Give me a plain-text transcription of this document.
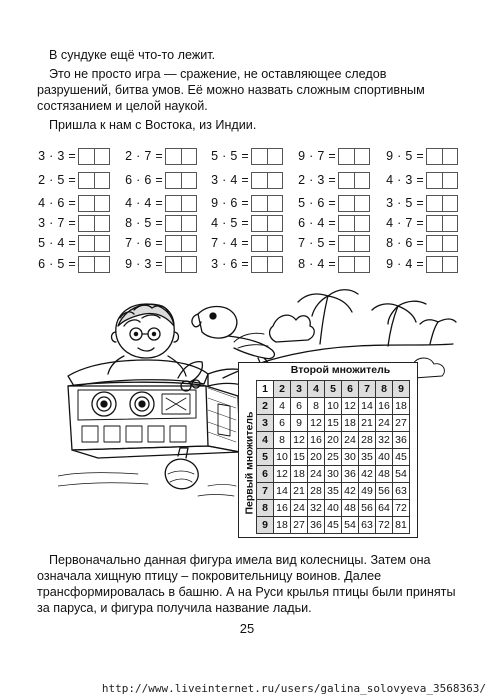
В сундуке ещё что-то лежит.

Это не просто игра — сражение, не оставляющее следов разрушений, битва умов. Её можно назвать сложным спортивным состязанием и целой наукой.

Пришла к нам с Востока, из Индии.

3 · 3 =	2 · 7 =	5 · 5 =	9 · 7 =	9 · 5 =
2 · 5 =	6 · 6 =	3 · 4 =	2 · 3 =	4 · 3 =
4 · 6 =	4 · 4 =	9 · 6 =	5 · 6 =	3 · 5 =
3 · 7 =	8 · 5 =	4 · 5 =	6 · 4 =	4 · 7 =
5 · 4 =	7 · 6 =	7 · 4 =	7 · 5 =	8 · 6 =
6 · 5 =	9 · 3 =	3 · 6 =	8 · 4 =	9 · 4 =
Второй множитель
Первый множитель
1	2	3	4	5	6	7	8	9
2	4	6	8	10	12	14	16	18
3	6	9	12	15	18	21	24	27
4	8	12	16	20	24	28	32	36
5	10	15	20	25	30	35	40	45
6	12	18	24	30	36	42	48	54
7	14	21	28	35	42	49	56	63
8	16	24	32	40	48	56	64	72
9	18	27	36	45	54	63	72	81

Первоначально данная фигура имела вид колесницы. Затем она означала хищную птицу – покровительницу воинов. Далее трансформировалась в башню. А на Руси крылья птицы были приняты за паруса, и фигура получила название ладьи.

25
http://www.liveinternet.ru/users/galina_solovyeva_3568363/
